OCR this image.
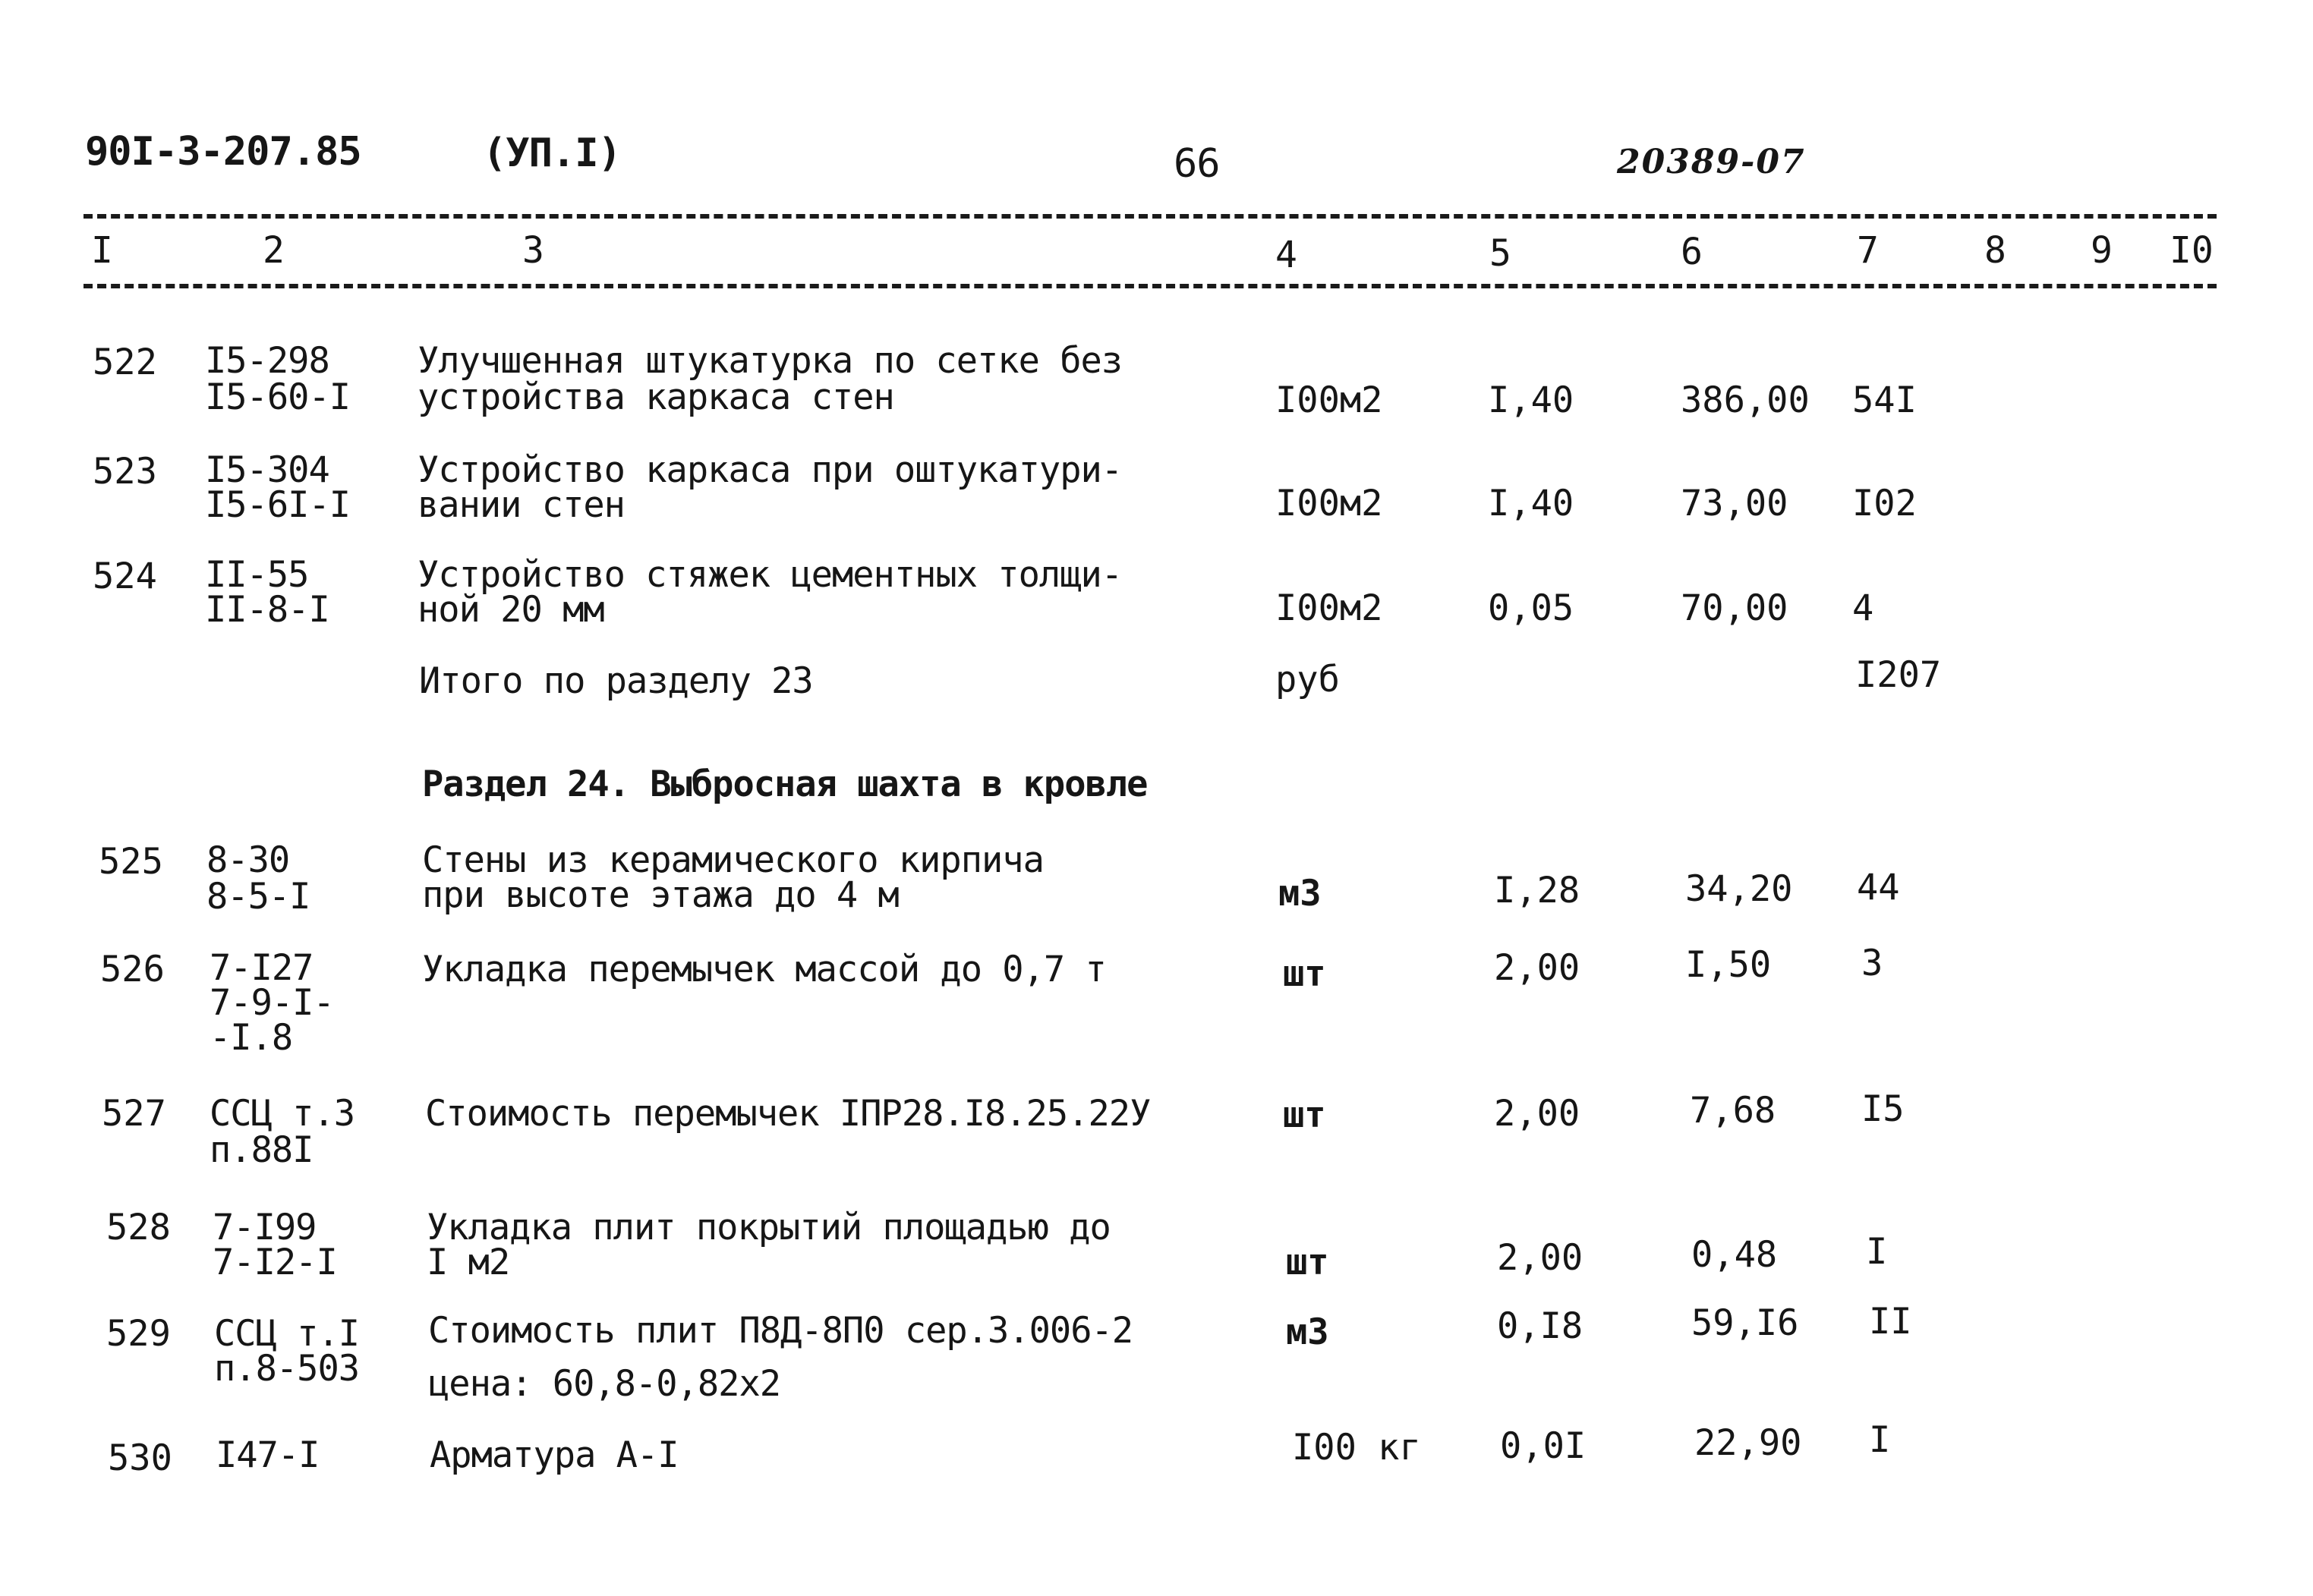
90I-3-207.85	(УП.I)	66	20389-07
I	2	3	4	5	6	7	8 9 I0
522 I5-298
I5-60-I
Улучшенная штукатурка по сетке без
устройства каркаса стен	I00м2	I,40	386,00 54I
523 I5-304
I5-6I-I
Устройство каркаса при оштукатури-
вании стен	I00м2	I,40	73,00 I02
524 II-55
II-8-I
Устройство стяжек цементных толщи-
ной 20 мм	I00м2	0,05	70,00 4
Итого по разделу 23	руб	I207
Раздел 24. Выбросная шахта в кровле
525 8-30
8-5-I
Стены из керамического кирпича
при высоте этажа до 4 м	м3	I,28	34,20 44
526 7-I27
7-9-I-
-I.8
Укладка перемычек массой до 0,7 т	шт	2,00	I,50	3
527 ССЦ т.3
п.88I
Стоимость перемычек IПР28.I8.25.22У	шт	2,00	7,68 I5
528 7-I99
7-I2-I
Укладка плит покрытий площадью до
I м2	шт	2,00	0,48 I
529 ССЦ т.I
п.8-503
Стоимость плит П8Д-8П0 сер.3.006-2
цена: 60,8-0,82x2
м3	0,I8	59,I6 II
530 I47-I	Арматура А-I	I00 кг 0,0I	22,90 I
